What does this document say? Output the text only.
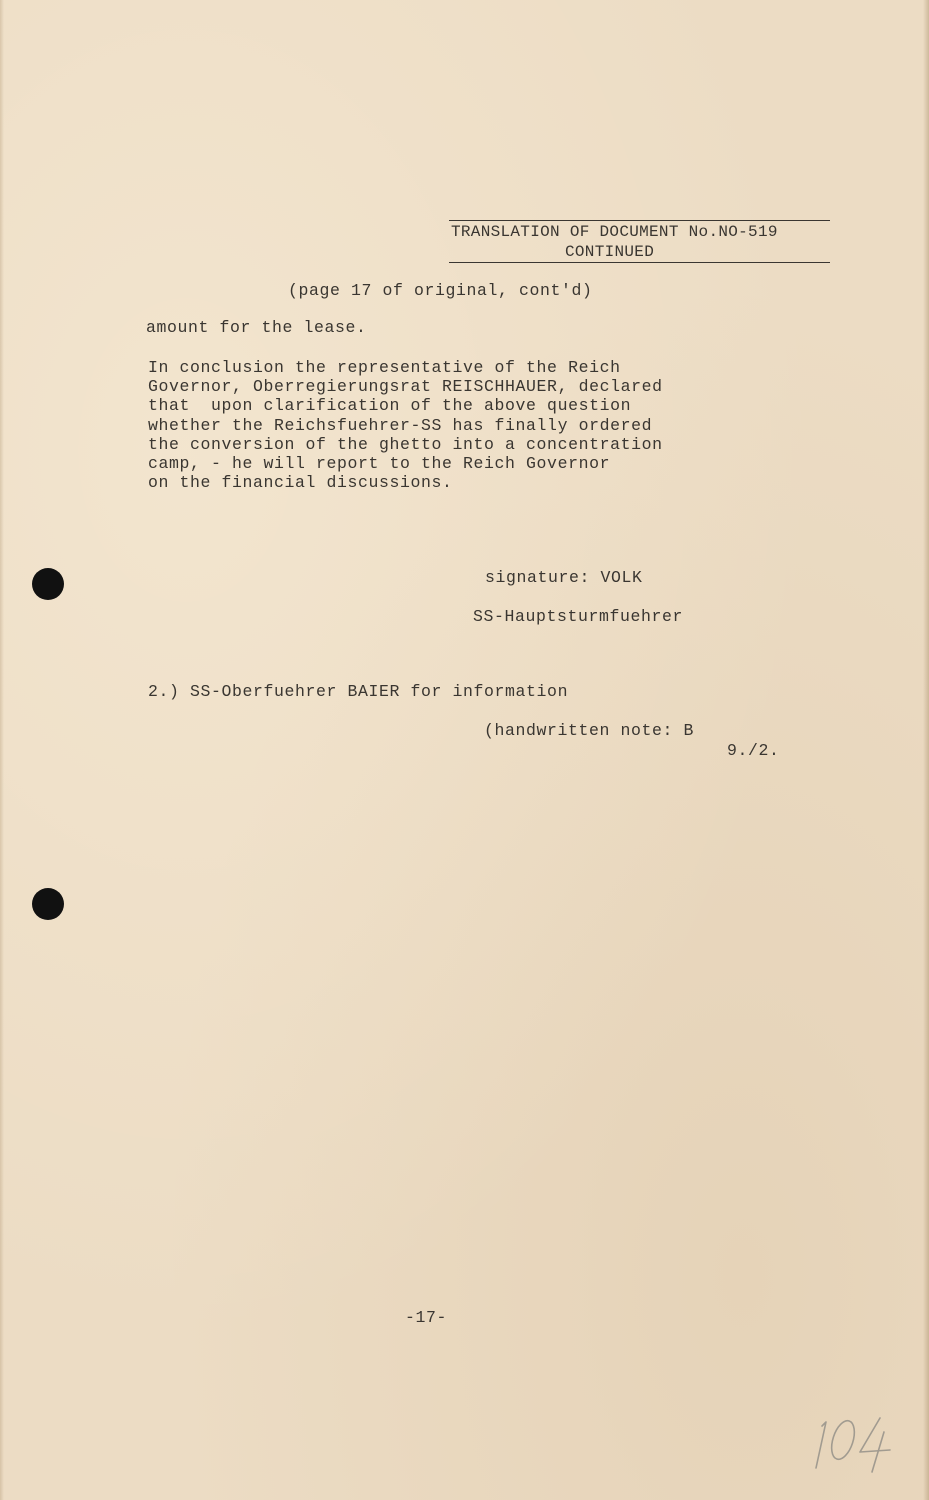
TRANSLATION OF DOCUMENT No.NO-519
CONTINUED
(page 17 of original, cont'd)
amount for the lease.
In conclusion the representative of the Reich
Governor, Oberregierungsrat REISCHHAUER, declared
that  upon clarification of the above question
whether the Reichsfuehrer-SS has finally ordered
the conversion of the ghetto into a concentration
camp, - he will report to the Reich Governor
on the financial discussions.
signature: VOLK
SS-Hauptsturmfuehrer
2.) SS-Oberfuehrer BAIER for information
(handwritten note: B
9./2.
-17-
